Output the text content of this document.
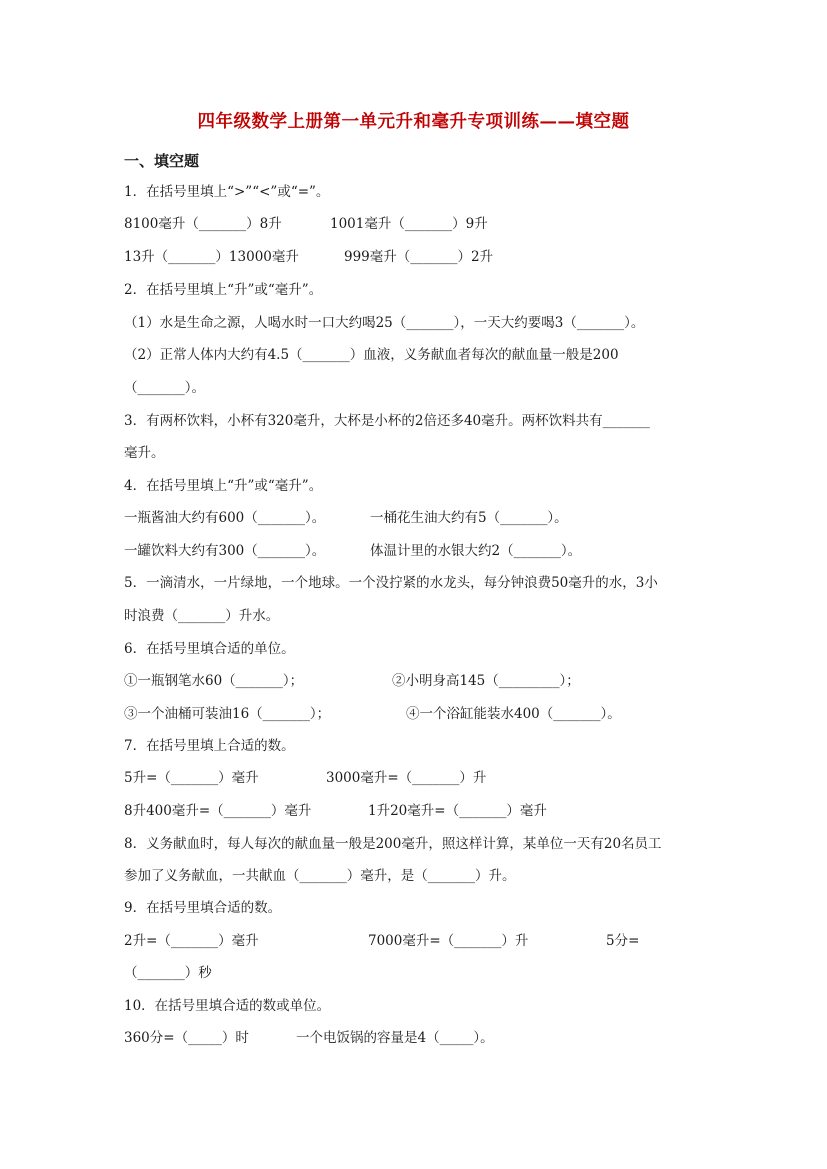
四年级数学上册第一单元升和毫升专项训练——填空题
一、填空题
1．在括号里填上“>”“<”或“=”。
8100毫升（_______）8升	1001毫升（_______）9升
13升（_______）13000毫升	999毫升（_______）2升
2．在括号里填上“升”或“毫升”。
（1）水是生命之源，人喝水时一口大约喝25（_______），一天大约要喝3（_______）。
（2）正常人体内大约有4.5（_______）血液，义务献血者每次的献血量一般是200
（_______）。
3．有两杯饮料，小杯有320毫升，大杯是小杯的2倍还多40毫升。两杯饮料共有_______
毫升。
4．在括号里填上“升”或“毫升”。
一瓶酱油大约有600（_______）。	一桶花生油大约有5（_______）。
一罐饮料大约有300（_______）。	体温计里的水银大约2（_______）。
5．一滴清水，一片绿地，一个地球。一个没拧紧的水龙头，每分钟浪费50毫升的水，3小
时浪费（_______）升水。
6．在括号里填合适的单位。
①一瓶钢笔水60（_______）；	②小明身高145（_________）；
③一个油桶可装油16（_______）；	④一个浴缸能装水400（_______）。
7．在括号里填上合适的数。
5升=（_______）毫升	3000毫升=（_______）升
8升400毫升=（_______）毫升	1升20毫升=（_______）毫升
8．义务献血时，每人每次的献血量一般是200毫升，照这样计算，某单位一天有20名员工
参加了义务献血，一共献血（_______）毫升，是（_______）升。
9．在括号里填合适的数。
2升=（_______）毫升	7000毫升=（_______）升	5分=
（_______）秒
10．在括号里填合适的数或单位。
360分=（_____）时	一个电饭锅的容量是4（_____）。
